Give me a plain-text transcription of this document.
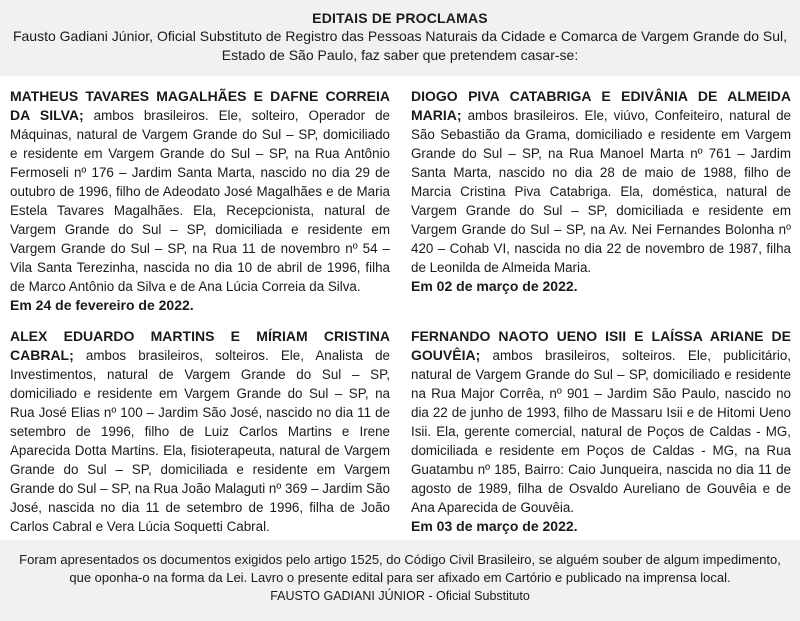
EDITAIS DE PROCLAMAS
Fausto Gadiani Júnior, Oficial Substituto de Registro das Pessoas Naturais da Cidade e Comarca de Vargem Grande do Sul, Estado de São Paulo, faz saber que pretendem casar-se:
MATHEUS TAVARES MAGALHÃES E DAFNE CORREIA DA SILVA; ambos brasileiros. Ele, solteiro, Operador de Máquinas, natural de Vargem Grande do Sul – SP, domiciliado e residente em Vargem Grande do Sul – SP, na Rua Antônio Fermoseli nº 176 – Jardim Santa Marta, nascido no dia 29 de outubro de 1996, filho de Adeodato José Magalhães e de Maria Estela Tavares Magalhães. Ela, Recepcionista, natural de Vargem Grande do Sul – SP, domiciliada e residente em Vargem Grande do Sul – SP, na Rua 11 de novembro nº 54 – Vila Santa Terezinha, nascida no dia 10 de abril de 1996, filha de Marco Antônio da Silva e de Ana Lúcia Correia da Silva.
Em 24 de fevereiro de 2022.
DIOGO PIVA CATABRIGA E EDIVÂNIA DE ALMEIDA MARIA; ambos brasileiros. Ele, viúvo, Confeiteiro, natural de São Sebastião da Grama, domiciliado e residente em Vargem Grande do Sul – SP, na Rua Manoel Marta nº 761 – Jardim Santa Marta, nascido no dia 28 de maio de 1988, filho de Marcia Cristina Piva Catabriga. Ela, doméstica, natural de Vargem Grande do Sul – SP, domiciliada e residente em Vargem Grande do Sul – SP, na Av. Nei Fernandes Bolonha nº 420 – Cohab VI, nascida no dia 22 de novembro de 1987, filha de Leonilda de Almeida Maria.
Em 02 de março de 2022.
ALEX EDUARDO MARTINS E MÍRIAM CRISTINA CABRAL; ambos brasileiros, solteiros. Ele, Analista de Investimentos, natural de Vargem Grande do Sul – SP, domiciliado e residente em Vargem Grande do Sul – SP, na Rua José Elias nº 100 – Jardim São José, nascido no dia 11 de setembro de 1996, filho de Luiz Carlos Martins e Irene Aparecida Dotta Martins. Ela, fisioterapeuta, natural de Vargem Grande do Sul – SP, domiciliada e residente em Vargem Grande do Sul – SP, na Rua João Malaguti nº 369 – Jardim São José, nascida no dia 11 de setembro de 1996, filha de João Carlos Cabral e Vera Lúcia Soquetti Cabral.
FERNANDO NAOTO UENO ISII E LAÍSSA ARIANE DE GOUVÊIA; ambos brasileiros, solteiros. Ele, publicitário, natural de Vargem Grande do Sul – SP, domiciliado e residente na Rua Major Corrêa, nº 901 – Jardim São Paulo, nascido no dia 22 de junho de 1993, filho de Massaru Isii e de Hitomi Ueno Isii. Ela, gerente comercial, natural de Poços de Caldas - MG, domiciliada e residente em Poços de Caldas - MG, na Rua Guatambu nº 185, Bairro: Caio Junqueira, nascida no dia 11 de agosto de 1989, filha de Osvaldo Aureliano de Gouvêia e de Ana Aparecida de Gouvêia.
Em 03 de março de 2022.
Foram apresentados os documentos exigidos pelo artigo 1525, do Código Civil Brasileiro, se alguém souber de algum impedimento,
que oponha-o na forma da Lei. Lavro o presente edital para ser afixado em Cartório e publicado na imprensa local.
FAUSTO GADIANI JÚNIOR - Oficial Substituto
